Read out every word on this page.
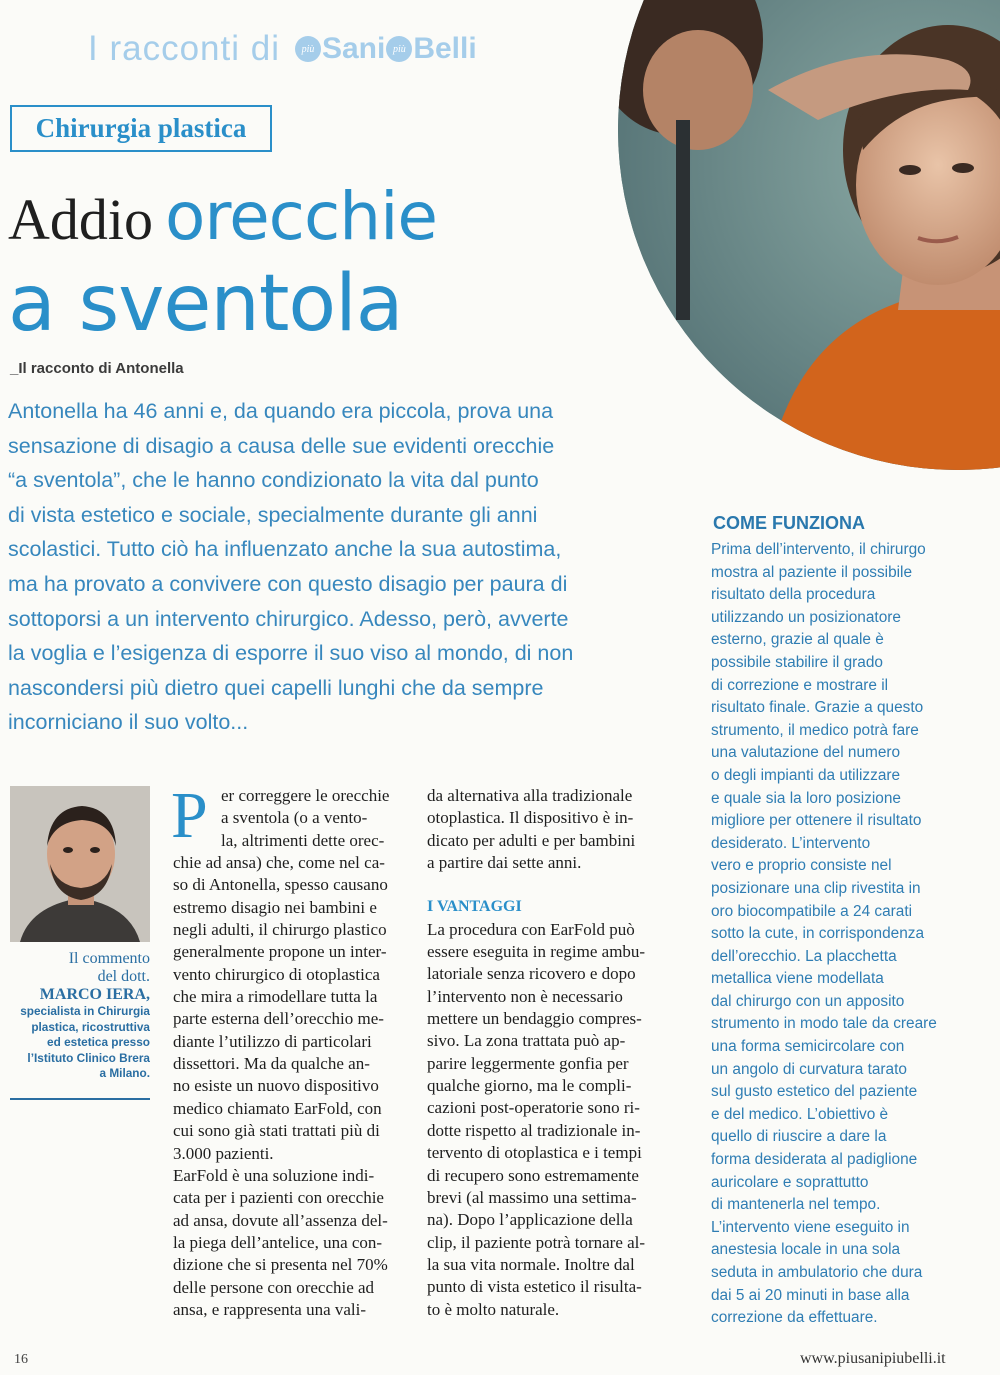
I racconti di	più Sani più Belli
Chirurgia plastica
Addio orecchie
a sventola
_Il racconto di Antonella
Antonella ha 46 anni e, da quando era piccola, prova una
sensazione di disagio a causa delle sue evidenti orecchie
“a sventola”, che le hanno condizionato la vita dal punto
di vista estetico e sociale, specialmente durante gli anni
scolastici. Tutto ciò ha influenzato anche la sua autostima,
ma ha provato a convivere con questo disagio per paura di
sottoporsi a un intervento chirurgico. Adesso, però, avverte
la voglia e l’esigenza di esporre il suo viso al mondo, di non
nascondersi più dietro quei capelli lunghi che da sempre
incorniciano il suo volto...
COME FUNZIONA
Prima dell’intervento, il chirurgo
mostra al paziente il possibile
risultato della procedura
utilizzando un posizionatore
esterno, grazie al quale è
possibile stabilire il grado
di correzione e mostrare il
risultato finale. Grazie a questo
strumento, il medico potrà fare
una valutazione del numero
o degli impianti da utilizzare
e quale sia la loro posizione
migliore per ottenere il risultato
desiderato. L’intervento
vero e proprio consiste nel
posizionare una clip rivestita in
oro biocompatibile a 24 carati
sotto la cute, in corrispondenza
dell’orecchio. La placchetta
metallica viene modellata
dal chirurgo con un apposito
strumento in modo tale da creare
una forma semicircolare con
un angolo di curvatura tarato
sul gusto estetico del paziente
e del medico. L’obiettivo è
quello di riuscire a dare la
forma desiderata al padiglione
auricolare e soprattutto
di mantenerla nel tempo.
L’intervento viene eseguito in
anestesia locale in una sola
seduta in ambulatorio che dura
dai 5 ai 20 minuti in base alla
correzione da effettuare.
Il commento
del dott.
MARCO IERA,
specialista in Chirurgia
plastica, ricostruttiva
ed estetica presso
l’Istituto Clinico Brera
a Milano.
P er correggere le orecchie
a sventola (o a vento-
la, altrimenti dette orec-
chie ad ansa) che, come nel ca-
so di Antonella, spesso causano
estremo disagio nei bambini e
negli adulti, il chirurgo plastico
generalmente propone un inter-
vento chirurgico di otoplastica
che mira a rimodellare tutta la
parte esterna dell’orecchio me-
diante l’utilizzo di particolari
dissettori. Ma da qualche an-
no esiste un nuovo dispositivo
medico chiamato EarFold, con
cui sono già stati trattati più di
3.000 pazienti.
EarFold è una soluzione indi-
cata per i pazienti con orecchie
ad ansa, dovute all’assenza del-
la piega dell’antelice, una con-
dizione che si presenta nel 70%
delle persone con orecchie ad
ansa, e rappresenta una vali-
da alternativa alla tradizionale
otoplastica. Il dispositivo è in-
dicato per adulti e per bambini
a partire dai sette anni.
I VANTAGGI
La procedura con EarFold può
essere eseguita in regime ambu-
latoriale senza ricovero e dopo
l’intervento non è necessario
mettere un bendaggio compres-
sivo. La zona trattata può ap-
parire leggermente gonfia per
qualche giorno, ma le compli-
cazioni post-operatorie sono ri-
dotte rispetto al tradizionale in-
tervento di otoplastica e i tempi
di recupero sono estremamente
brevi (al massimo una settima-
na). Dopo l’applicazione della
clip, il paziente potrà tornare al-
la sua vita normale. Inoltre dal
punto di vista estetico il risulta-
to è molto naturale.
16	www.piusanipiubelli.it
